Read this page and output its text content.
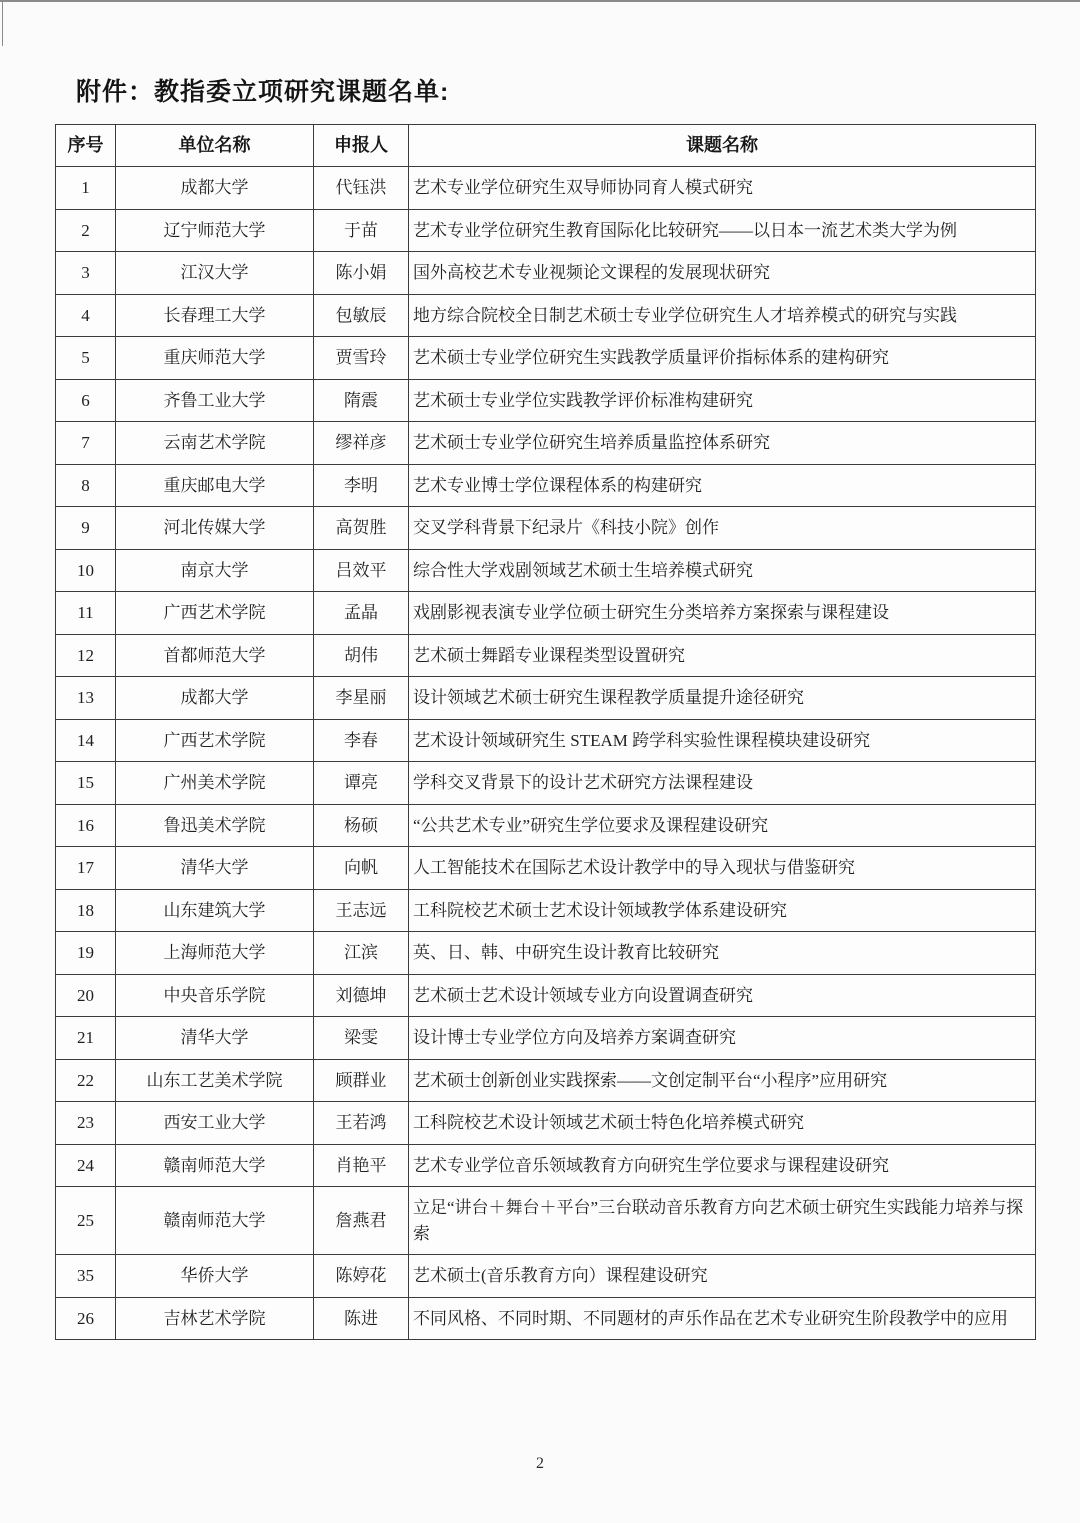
附件：教指委立项研究课题名单:
序号	单位名称	申报人	课题名称
1	成都大学	代钰洪	艺术专业学位研究生双导师协同育人模式研究
2	辽宁师范大学	于苗	艺术专业学位研究生教育国际化比较研究——以日本一流艺术类大学为例
3	江汉大学	陈小娟	国外高校艺术专业视频论文课程的发展现状研究
4	长春理工大学	包敏辰	地方综合院校全日制艺术硕士专业学位研究生人才培养模式的研究与实践
5	重庆师范大学	贾雪玲	艺术硕士专业学位研究生实践教学质量评价指标体系的建构研究
6	齐鲁工业大学	隋震	艺术硕士专业学位实践教学评价标准构建研究
7	云南艺术学院	缪祥彦	艺术硕士专业学位研究生培养质量监控体系研究
8	重庆邮电大学	李明	艺术专业博士学位课程体系的构建研究
9	河北传媒大学	高贺胜	交叉学科背景下纪录片《科技小院》创作
10	南京大学	吕效平	综合性大学戏剧领域艺术硕士生培养模式研究
11	广西艺术学院	孟晶	戏剧影视表演专业学位硕士研究生分类培养方案探索与课程建设
12	首都师范大学	胡伟	艺术硕士舞蹈专业课程类型设置研究
13	成都大学	李星丽	设计领域艺术硕士研究生课程教学质量提升途径研究
14	广西艺术学院	李春	艺术设计领域研究生 STEAM 跨学科实验性课程模块建设研究
15	广州美术学院	谭亮	学科交叉背景下的设计艺术研究方法课程建设
16	鲁迅美术学院	杨硕	“公共艺术专业”研究生学位要求及课程建设研究
17	清华大学	向帆	人工智能技术在国际艺术设计教学中的导入现状与借鉴研究
18	山东建筑大学	王志远	工科院校艺术硕士艺术设计领域教学体系建设研究
19	上海师范大学	江滨	英、日、韩、中研究生设计教育比较研究
20	中央音乐学院	刘德坤	艺术硕士艺术设计领域专业方向设置调查研究
21	清华大学	梁雯	设计博士专业学位方向及培养方案调查研究
22	山东工艺美术学院	顾群业	艺术硕士创新创业实践探索——文创定制平台“小程序”应用研究
23	西安工业大学	王若鸿	工科院校艺术设计领域艺术硕士特色化培养模式研究
24	赣南师范大学	肖艳平	艺术专业学位音乐领域教育方向研究生学位要求与课程建设研究
25	赣南师范大学	詹燕君	立足“讲台＋舞台＋平台”三台联动音乐教育方向艺术硕士研究生实践能力培养与探索
35	华侨大学	陈婷花	艺术硕士(音乐教育方向）课程建设研究
26	吉林艺术学院	陈进	不同风格、不同时期、不同题材的声乐作品在艺术专业研究生阶段教学中的应用
2
